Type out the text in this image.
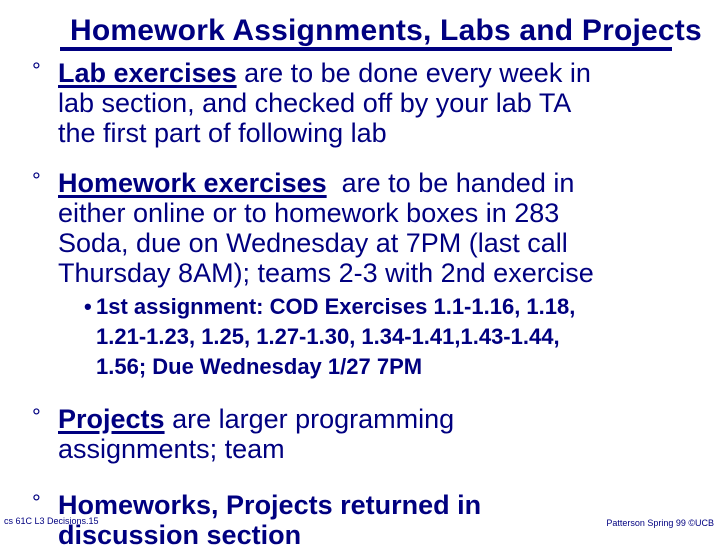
Homework Assignments, Labs and Projects
° Lab exercises are to be done every week in
lab section, and checked off by your lab TA
the first part of following lab
° Homework exercises  are to be handed in
either online or to homework boxes in 283
Soda, due on Wednesday at 7PM (last call
Thursday 8AM); teams 2-3 with 2nd exercise
• 1st assignment: COD Exercises 1.1-1.16, 1.18,
1.21-1.23, 1.25, 1.27-1.30, 1.34-1.41,1.43-1.44,
1.56; Due Wednesday 1/27 7PM
° Projects are larger programming
assignments; team
° Homeworks, Projects returned in
discussion section
cs 61C L3 Decisions.15	Patterson Spring 99 ©UCB
